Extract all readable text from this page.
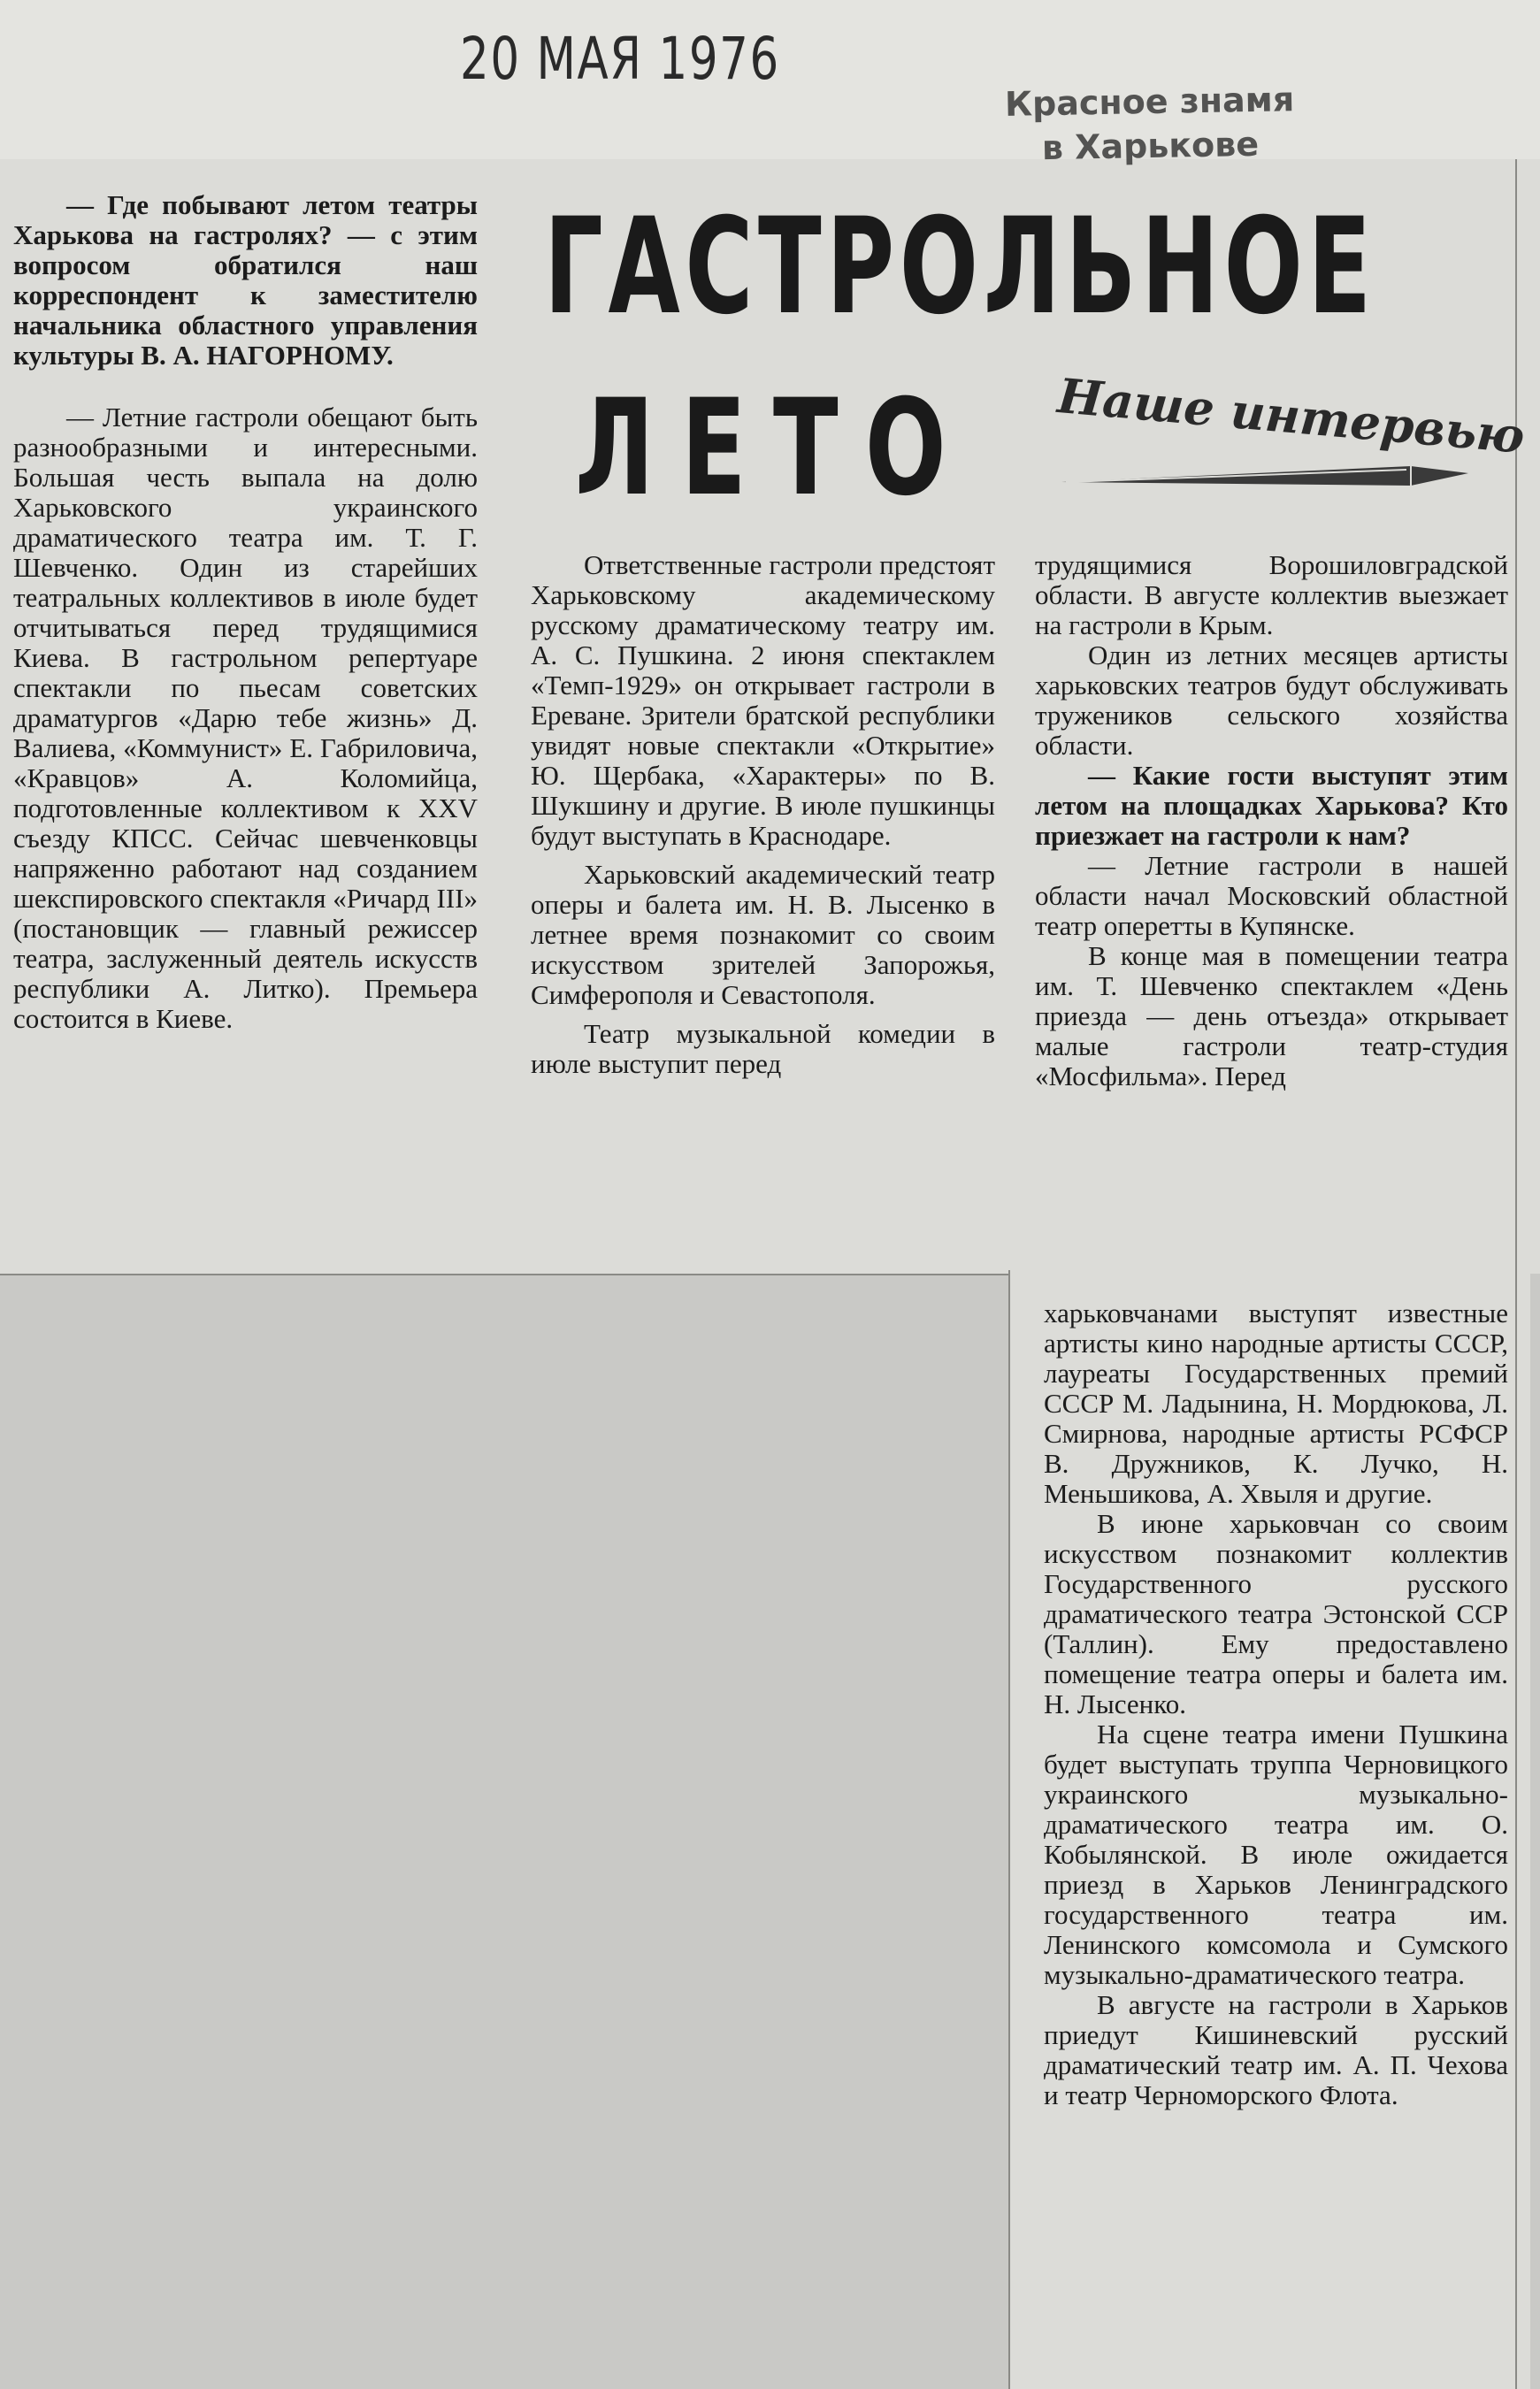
20 МАЯ 1976
Красное знамя
в Харькове
ГАСТРОЛЬНОЕ
ЛЕТО Наше интервью

— Где побывают летом театры Харькова на гастролях? — с этим вопросом обратился наш корреспондент к заместителю начальника областного управления культуры В. А. НАГОРНОМУ.

— Летние гастроли обещают быть разнообразными и интересными. Большая честь выпала на долю Харьковского украинского драматического театра им. Т. Г. Шевченко. Один из старейших театральных коллективов в июле будет отчитываться перед трудящимися Киева. В гастрольном репертуаре спектакли по пьесам советских драматургов «Дарю тебе жизнь» Д. Валиева, «Коммунист» Е. Габриловича, «Кравцов» А. Коломийца, подготовленные коллективом к XXV съезду КПСС. Сейчас шевченковцы напряженно работают над созданием шекспировского спектакля «Ричард III» (постановщик — главный режиссер театра, заслуженный деятель искусств республики А. Литко). Премьера состоится в Киеве.

Ответственные гастроли предстоят Харьковскому академическому русскому драматическому театру им. А. С. Пушкина. 2 июня спектаклем «Темп-1929» он открывает гастроли в Ереване. Зрители братской республики увидят новые спектакли «Открытие» Ю. Щербака, «Характеры» по В. Шукшину и другие. В июле пушкинцы будут выступать в Краснодаре.

Харьковский академический театр оперы и балета им. Н. В. Лысенко в летнее время познакомит со своим искусством зрителей Запорожья, Симферополя и Севастополя.

Театр музыкальной комедии в июле выступит перед

трудящимися Ворошиловградской области. В августе коллектив выезжает на гастроли в Крым.

Один из летних месяцев артисты харьковских театров будут обслуживать тружеников сельского хозяйства области.

— Какие гости выступят этим летом на площадках Харькова? Кто приезжает на гастроли к нам?

— Летние гастроли в нашей области начал Московский областной театр оперетты в Купянске.

В конце мая в помещении театра им. Т. Шевченко спектаклем «День приезда — день отъезда» открывает малые гастроли театр-студия «Мосфильма». Перед

харьковчанами выступят известные артисты кино народные артисты СССР, лауреаты Государственных премий СССР М. Ладынина, Н. Мордюкова, Л. Смирнова, народные артисты РСФСР В. Дружников, К. Лучко, Н. Меньшикова, А. Хвыля и другие.

В июне харьковчан со своим искусством познакомит коллектив Государственного русского драматического театра Эстонской ССР (Таллин). Ему предоставлено помещение театра оперы и балета им. Н. Лысенко.

На сцене театра имени Пушкина будет выступать труппа Черновицкого украинского музыкально-драматического театра им. О. Кобылянской. В июле ожидается приезд в Харьков Ленинградского государственного театра им. Ленинского комсомола и Сумского музыкально-драматического театра.

В августе на гастроли в Харьков приедут Кишиневский русский драматический театр им. А. П. Чехова и театр Черноморского Флота.
